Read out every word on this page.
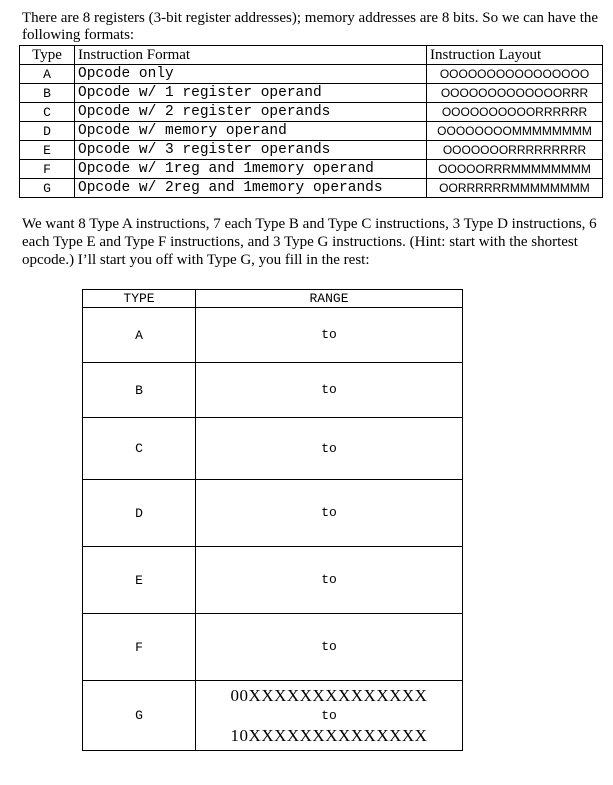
There are 8 registers (3-bit register addresses); memory addresses are 8 bits. So we can have the following formats:
Type	Instruction Format	Instruction Layout
A	Opcode only	OOOOOOOOOOOOOOOO
B	Opcode w/ 1 register operand	OOOOOOOOOOOOORRR
C	Opcode w/ 2 register operands	OOOOOOOOOORRRRRR
D	Opcode w/ memory operand	OOOOOOOOMMMMMMMM
E	Opcode w/ 3 register operands	OOOOOOORRRRRRRRR
F	Opcode w/ 1reg and 1memory operand	OOOOORRRMMMMMMMM
G	Opcode w/ 2reg and 1memory operands	OORRRRRRMMMMMMMM
We want 8 Type A instructions, 7 each Type B and Type C instructions, 3 Type D instructions, 6 each Type E and Type F instructions, and 3 Type G instructions. (Hint: start with the shortest opcode.) I’ll start you off with Type G, you fill in the rest:
TYPE	RANGE
A	to
B	to
C	to
D	to
E	to
F	to
G	00XXXXXXXXXXXXXX
to
10XXXXXXXXXXXXXX
